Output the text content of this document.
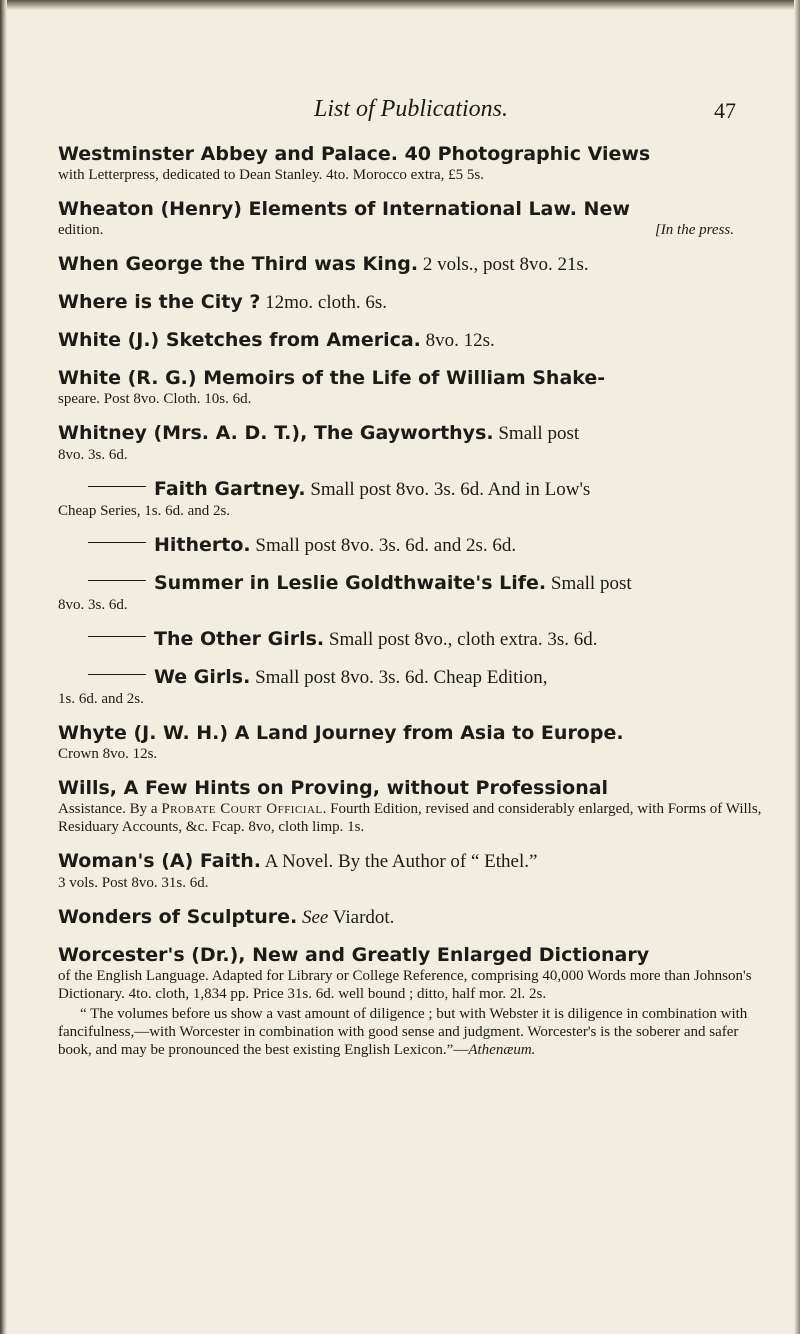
List of Publications.	47
Westminster Abbey and Palace. 40 Photographic Views
with Letterpress, dedicated to Dean Stanley. 4to. Morocco extra, £5 5s.
Wheaton (Henry) Elements of International Law. New
edition.	[In the press.
When George the Third was King. 2 vols., post 8vo. 21s.
Where is the City ? 12mo. cloth. 6s.
White (J.) Sketches from America. 8vo. 12s.
White (R. G.) Memoirs of the Life of William Shake-
speare. Post 8vo. Cloth. 10s. 6d.
Whitney (Mrs. A. D. T.), The Gayworthys. Small post
8vo. 3s. 6d.
Faith Gartney. Small post 8vo. 3s. 6d. And in Low's
Cheap Series, 1s. 6d. and 2s.
Hitherto. Small post 8vo. 3s. 6d. and 2s. 6d.
Summer in Leslie Goldthwaite's Life. Small post
8vo. 3s. 6d.
The Other Girls. Small post 8vo., cloth extra. 3s. 6d.
We Girls. Small post 8vo. 3s. 6d. Cheap Edition,
1s. 6d. and 2s.
Whyte (J. W. H.) A Land Journey from Asia to Europe.
Crown 8vo. 12s.
Wills, A Few Hints on Proving, without Professional
Assistance. By a Probate Court Official. Fourth Edition, revised and considerably enlarged, with Forms of Wills, Residuary Accounts, &c. Fcap. 8vo, cloth limp. 1s.
Woman's (A) Faith. A Novel. By the Author of “ Ethel.”
3 vols. Post 8vo. 31s. 6d.
Wonders of Sculpture. See Viardot.
Worcester's (Dr.), New and Greatly Enlarged Dictionary
of the English Language. Adapted for Library or College Reference, comprising 40,000 Words more than Johnson's Dictionary. 4to. cloth, 1,834 pp. Price 31s. 6d. well bound ; ditto, half mor. 2l. 2s.

“ The volumes before us show a vast amount of diligence ; but with Webster it is diligence in combination with fancifulness,—with Worcester in combination with good sense and judgment. Worcester's is the soberer and safer book, and may be pronounced the best existing English Lexicon.”—Athenæum.
